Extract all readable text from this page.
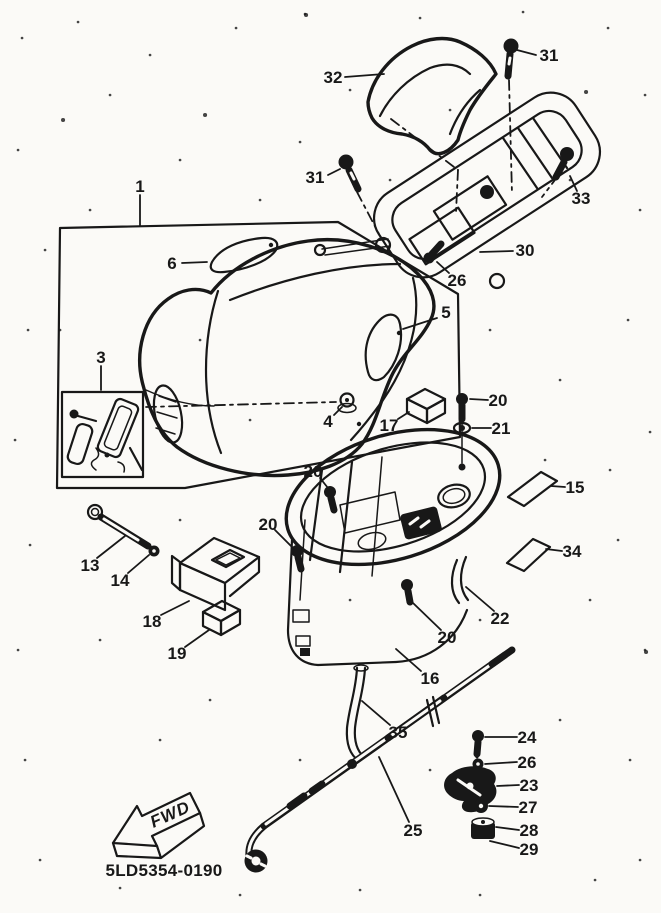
FWD
5LD5354-0190
31
32
31
33
30
26
1
6
5
3
4	17
20
21
15
34
20
20
13
14
18
19
22
20
16
35	24
26
23
27
28
29
25
